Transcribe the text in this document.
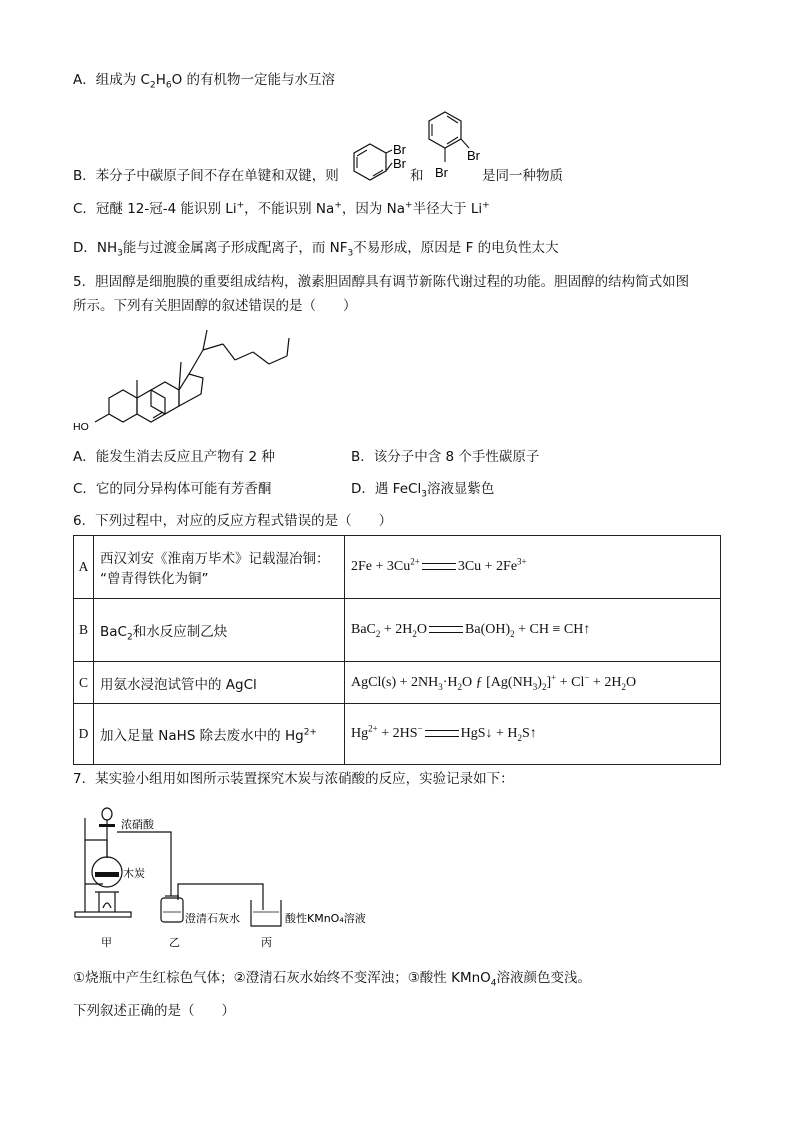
A．组成为 $C_2H_6O$ 的有机物一定能与水互溶
B．苯分子中碳原子间不存在单键和双键，则
Br
Br
和
Br
Br	是同一种物质
C．冠醚 12-冠-4 能识别 Li+，不能识别 Na+，因为 Na+半径大于 Li+
D．$NH_3$能与过渡金属离子形成配离子，而 $NF_3$不易形成，原因是 F 的电负性太大
5．胆固醇是细胞膜的重要组成结构，激素胆固醇具有调节新陈代谢过程的功能。胆固醇的结构简式如图
所示。下列有关胆固醇的叙述错误的是（　　）
HO
A．能发生消去反应且产物有 2 种	B．该分子中含 8 个手性碳原子
C．它的同分异构体可能有芳香酮	D．遇 FeCl$_3$溶液显紫色
6．下列过程中，对应的反应方程式错误的是（　　）
A	西汉刘安《淮南万毕术》记载湿冶铜：
“曾青得铁化为铜”	$2Fe + 3Cu^{2+}$ $3Cu + 2Fe^{3+}$
B	BaC$_2$和水反应制乙炔	$BaC_2 + 2H_2O$ $Ba(OH)_2$ + CH ≡ CH↑
C	用氨水浸泡试管中的 AgCl	AgCl(s) + $2NH_3\cdot H_2O$ ƒ $[Ag(NH_3)_2]^+ + Cl^- + 2H_2O$
D	加入足量 NaHS 除去废水中的 $Hg^{2+}$	$Hg^{2+} + 2HS^-$ HgS↓ + $H_2S↑$
7．某实验小组用如图所示装置探究木炭与浓硝酸的反应，实验记录如下：
浓硝酸
木炭
澄清石灰水	酸性KMnO₄溶液
甲	乙	丙
①烧瓶中产生红棕色气体；②澄清石灰水始终不变浑浊；③酸性 KMnO$_4$溶液颜色变浅。
下列叙述正确的是（　　）
